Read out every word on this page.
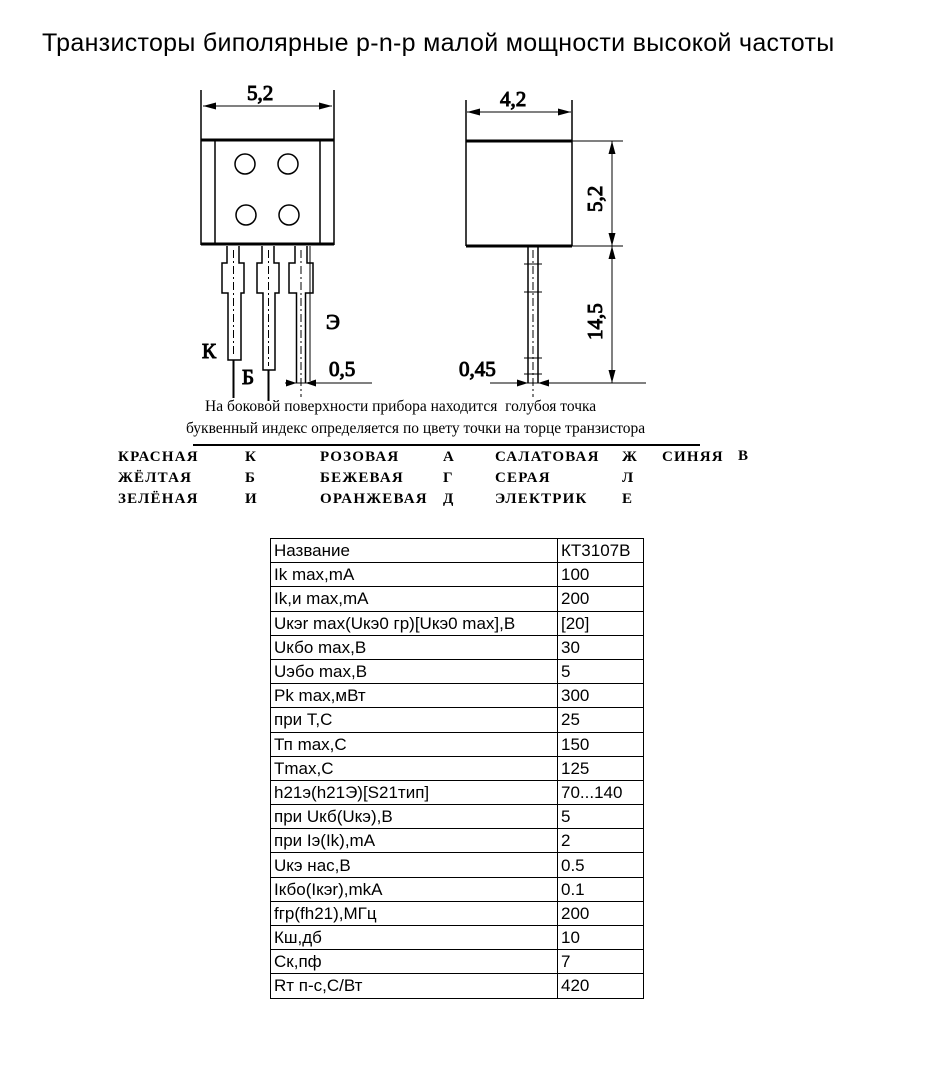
Транзисторы биполярные p-n-p малой мощности высокой частоты
5,2
0,5
К
Б
Э
4,2
5,2
14,5
0,45
На боковой поверхности прибора находится  голубоя точка
буквенный индекс определяется по цвету точки на торце транзистора
КРАСНАЯ	К	РОЗОВАЯ	А	САЛАТОВАЯ Ж СИНЯЯ В
ЖЁЛТАЯ	Б	БЕЖЕВАЯ	Г	СЕРАЯ	Л
ЗЕЛЁНАЯ	И	ОРАНЖЕВАЯ Д	ЭЛЕКТРИК Е
Название	КТ3107В
Ik max,mA	100
Ik,и max,mA	200
Uкэr max(Uкэ0 гр)[Uкэ0 max],В	[20]
Uкбо max,В	30
Uэбо max,В	5
Pk max,мВт	300
при Т,С	25
Тп max,С	150
Tmax,С	125
h21э(h21Э)[S21тип]	70...140
при Uкб(Uкэ),В	5
при Iэ(Ik),mA	2
Uкэ нас,В	0.5
Iкбо(Iкэr),mkA	0.1
fгр(fh21),МГц	200
Кш,дб	10
Ск,пф	7
Rт п-с,С/Вт	420
